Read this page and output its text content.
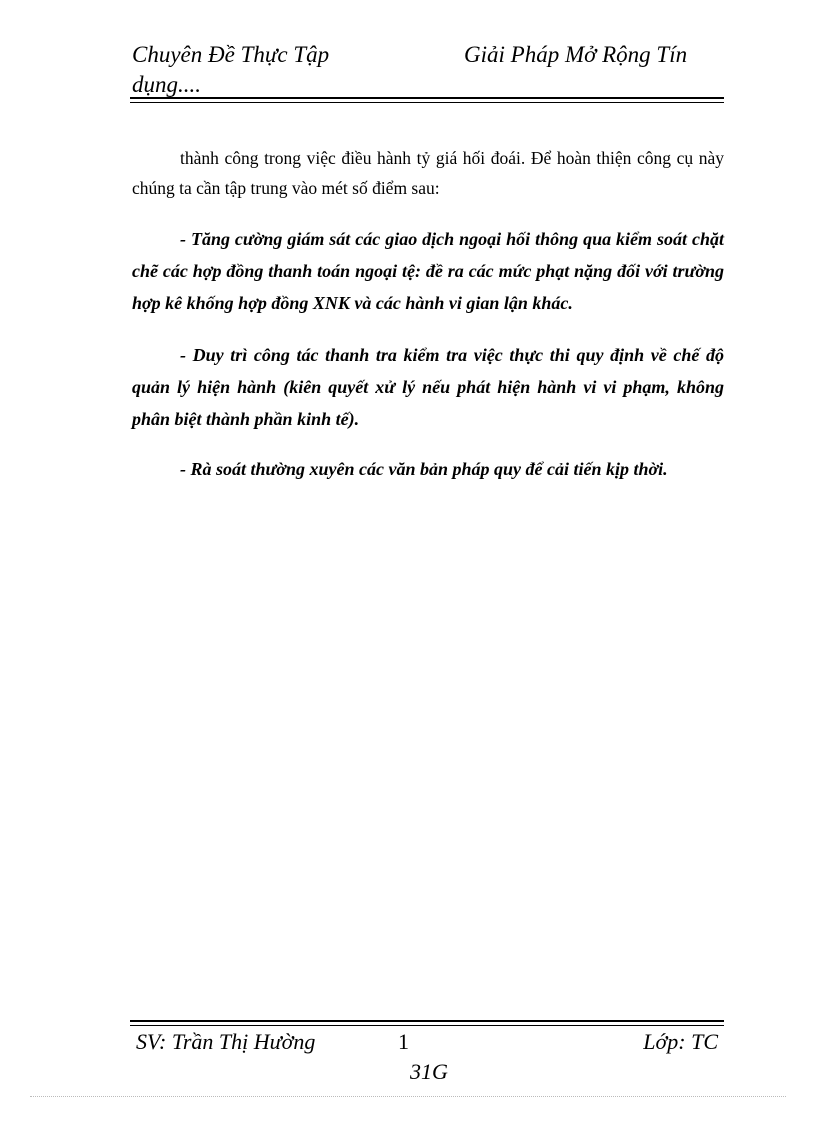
Chuyên Đề Thực Tập	Giải Pháp Mở Rộng Tín
dụng....

thành công trong việc điều hành tỷ giá hối đoái. Để hoàn thiện công cụ này chúng ta cần tập trung vào mét số điểm sau:

- Tăng cường giám sát các giao dịch ngoại hối thông qua kiểm soát chặt chẽ các hợp đồng thanh toán ngoại tệ: đề ra các mức phạt nặng đối với trường hợp kê khống hợp đồng XNK và các hành vi gian lận khác.

- Duy trì công tác thanh tra kiểm tra việc thực thi quy định về chế độ quản lý hiện hành (kiên quyết xử lý nếu phát hiện hành vi vi phạm, không phân biệt thành phần kinh tế).

- Rà soát thường xuyên các văn bản pháp quy để cải tiến kịp thời.

SV: Trần Thị Hường	1	Lớp: TC
31G
